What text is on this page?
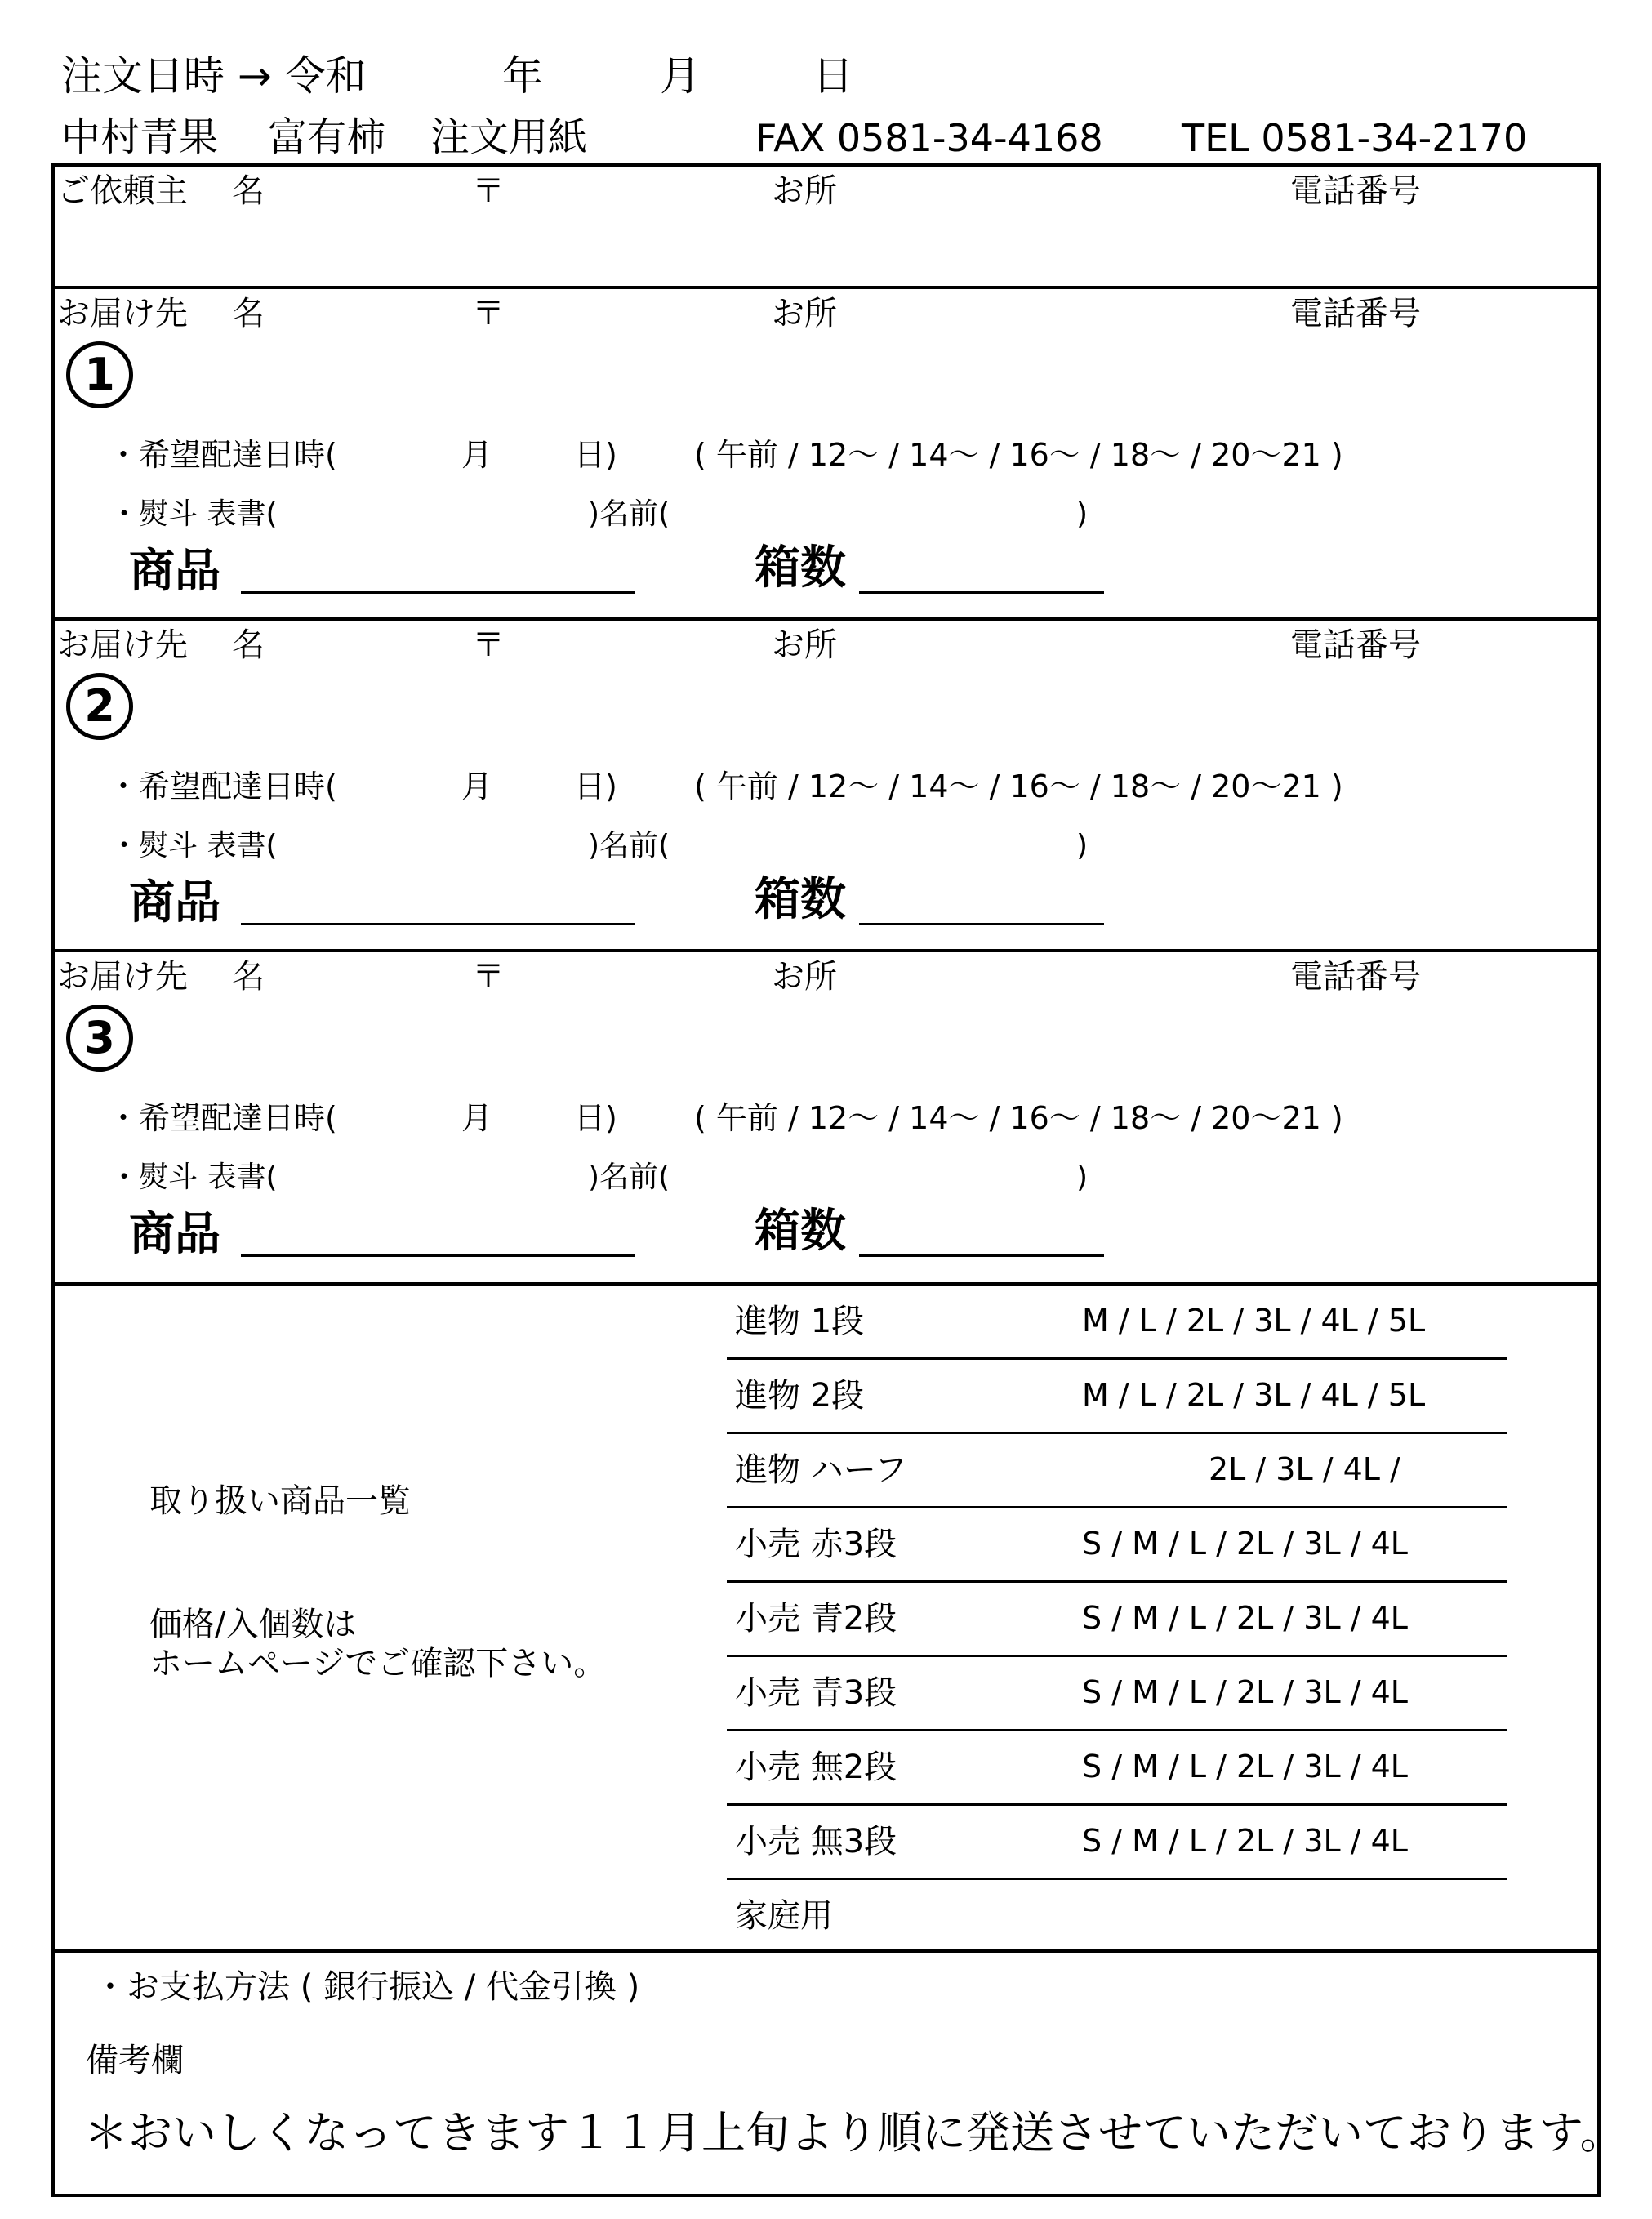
注文日時 → 令和	年	月	日
中村青果 富有柿 注文用紙	FAX 0581-34-4168 TEL 0581-34-2170
ご依頼主 名	〒	お所	電話番号
お届け先 名	〒	お所	電話番号
・希望配達日時(	月	日) ( 午前 / 12〜 / 14〜 / 16〜 / 18〜 / 20〜21 )
・熨斗 表書(	)名前(	)
商品	箱数
1
お届け先 名	〒	お所	電話番号
・希望配達日時(	月	日) ( 午前 / 12〜 / 14〜 / 16〜 / 18〜 / 20〜21 )
・熨斗 表書(	)名前(	)
商品	箱数
2
お届け先 名	〒	お所	電話番号
・希望配達日時(	月	日) ( 午前 / 12〜 / 14〜 / 16〜 / 18〜 / 20〜21 )
・熨斗 表書(	)名前(	)
商品	箱数
3
取り扱い商品一覧
価格/入個数は
ホームページでご確認下さい。
進物 1段	M / L / 2L / 3L / 4L / 5L
進物 2段	M / L / 2L / 3L / 4L / 5L
進物 ハーフ	2L / 3L / 4L /
小売 赤3段	S / M / L / 2L / 3L / 4L
小売 青2段	S / M / L / 2L / 3L / 4L
小売 青3段	S / M / L / 2L / 3L / 4L
小売 無2段	S / M / L / 2L / 3L / 4L
小売 無3段	S / M / L / 2L / 3L / 4L
家庭用
・お支払方法 ( 銀行振込 / 代金引換 )
備考欄
＊おいしくなってきます１１月上旬より順に発送させていただいております。
